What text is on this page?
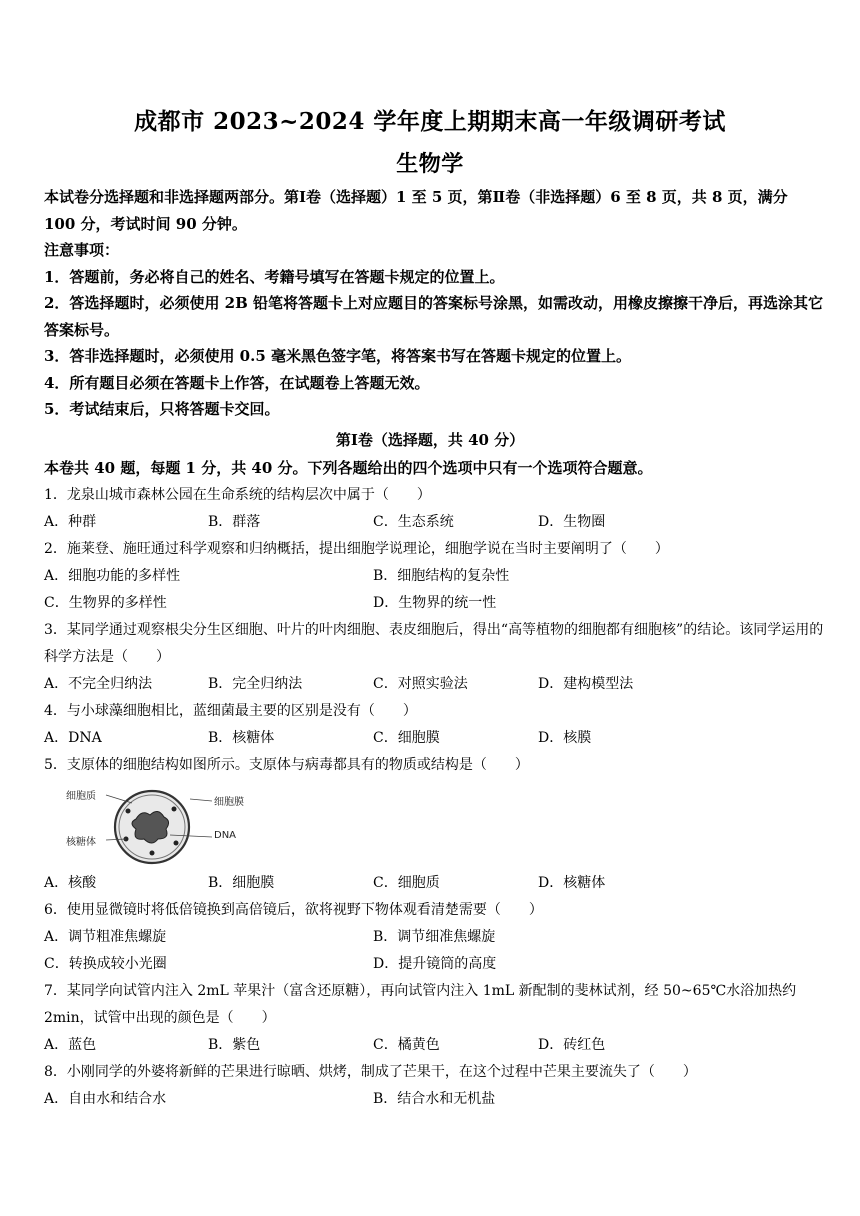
成都市 2023~2024 学年度上期期末高一年级调研考试
生物学
本试卷分选择题和非选择题两部分。第Ⅰ卷（选择题）1 至 5 页，第Ⅱ卷（非选择题）6 至 8 页，共 8 页，满分 100 分，考试时间 90 分钟。
注意事项：
1．答题前，务必将自己的姓名、考籍号填写在答题卡规定的位置上。
2．答选择题时，必须使用 2B 铅笔将答题卡上对应题目的答案标号涂黑，如需改动，用橡皮擦擦干净后，再选涂其它答案标号。
3．答非选择题时，必须使用 0.5 毫米黑色签字笔，将答案书写在答题卡规定的位置上。
4．所有题目必须在答题卡上作答，在试题卷上答题无效。
5．考试结束后，只将答题卡交回。
第Ⅰ卷（选择题，共 40 分）
本卷共 40 题，每题 1 分，共 40 分。下列各题给出的四个选项中只有一个选项符合题意。
1．龙泉山城市森林公园在生命系统的结构层次中属于（　　）
A．种群	B．群落	C．生态系统	D．生物圈
2．施莱登、施旺通过科学观察和归纳概括，提出细胞学说理论，细胞学说在当时主要阐明了（　　）
A．细胞功能的多样性	B．细胞结构的复杂性
C．生物界的多样性	D．生物界的统一性
3．某同学通过观察根尖分生区细胞、叶片的叶肉细胞、表皮细胞后，得出“高等植物的细胞都有细胞核”的结论。该同学运用的科学方法是（　　）
A．不完全归纳法	B．完全归纳法	C．对照实验法	D．建构模型法
4．与小球藻细胞相比，蓝细菌最主要的区别是没有（　　）
A．DNA	B．核糖体	C．细胞膜	D．核膜
5．支原体的细胞结构如图所示。支原体与病毒都具有的物质或结构是（　　）
细胞质
细胞膜
核糖体
DNA
A．核酸	B．细胞膜	C．细胞质	D．核糖体
6．使用显微镜时将低倍镜换到高倍镜后，欲将视野下物体观看清楚需要（　　）
A．调节粗准焦螺旋	B．调节细准焦螺旋
C．转换成较小光圈	D．提升镜筒的高度
7．某同学向试管内注入 2mL 苹果汁（富含还原糖），再向试管内注入 1mL 新配制的斐林试剂，经 50~65℃水浴加热约 2min，试管中出现的颜色是（　　）
A．蓝色	B．紫色	C．橘黄色	D．砖红色
8．小刚同学的外婆将新鲜的芒果进行晾晒、烘烤，制成了芒果干，在这个过程中芒果主要流失了（　　）
A．自由水和结合水	B．结合水和无机盐
